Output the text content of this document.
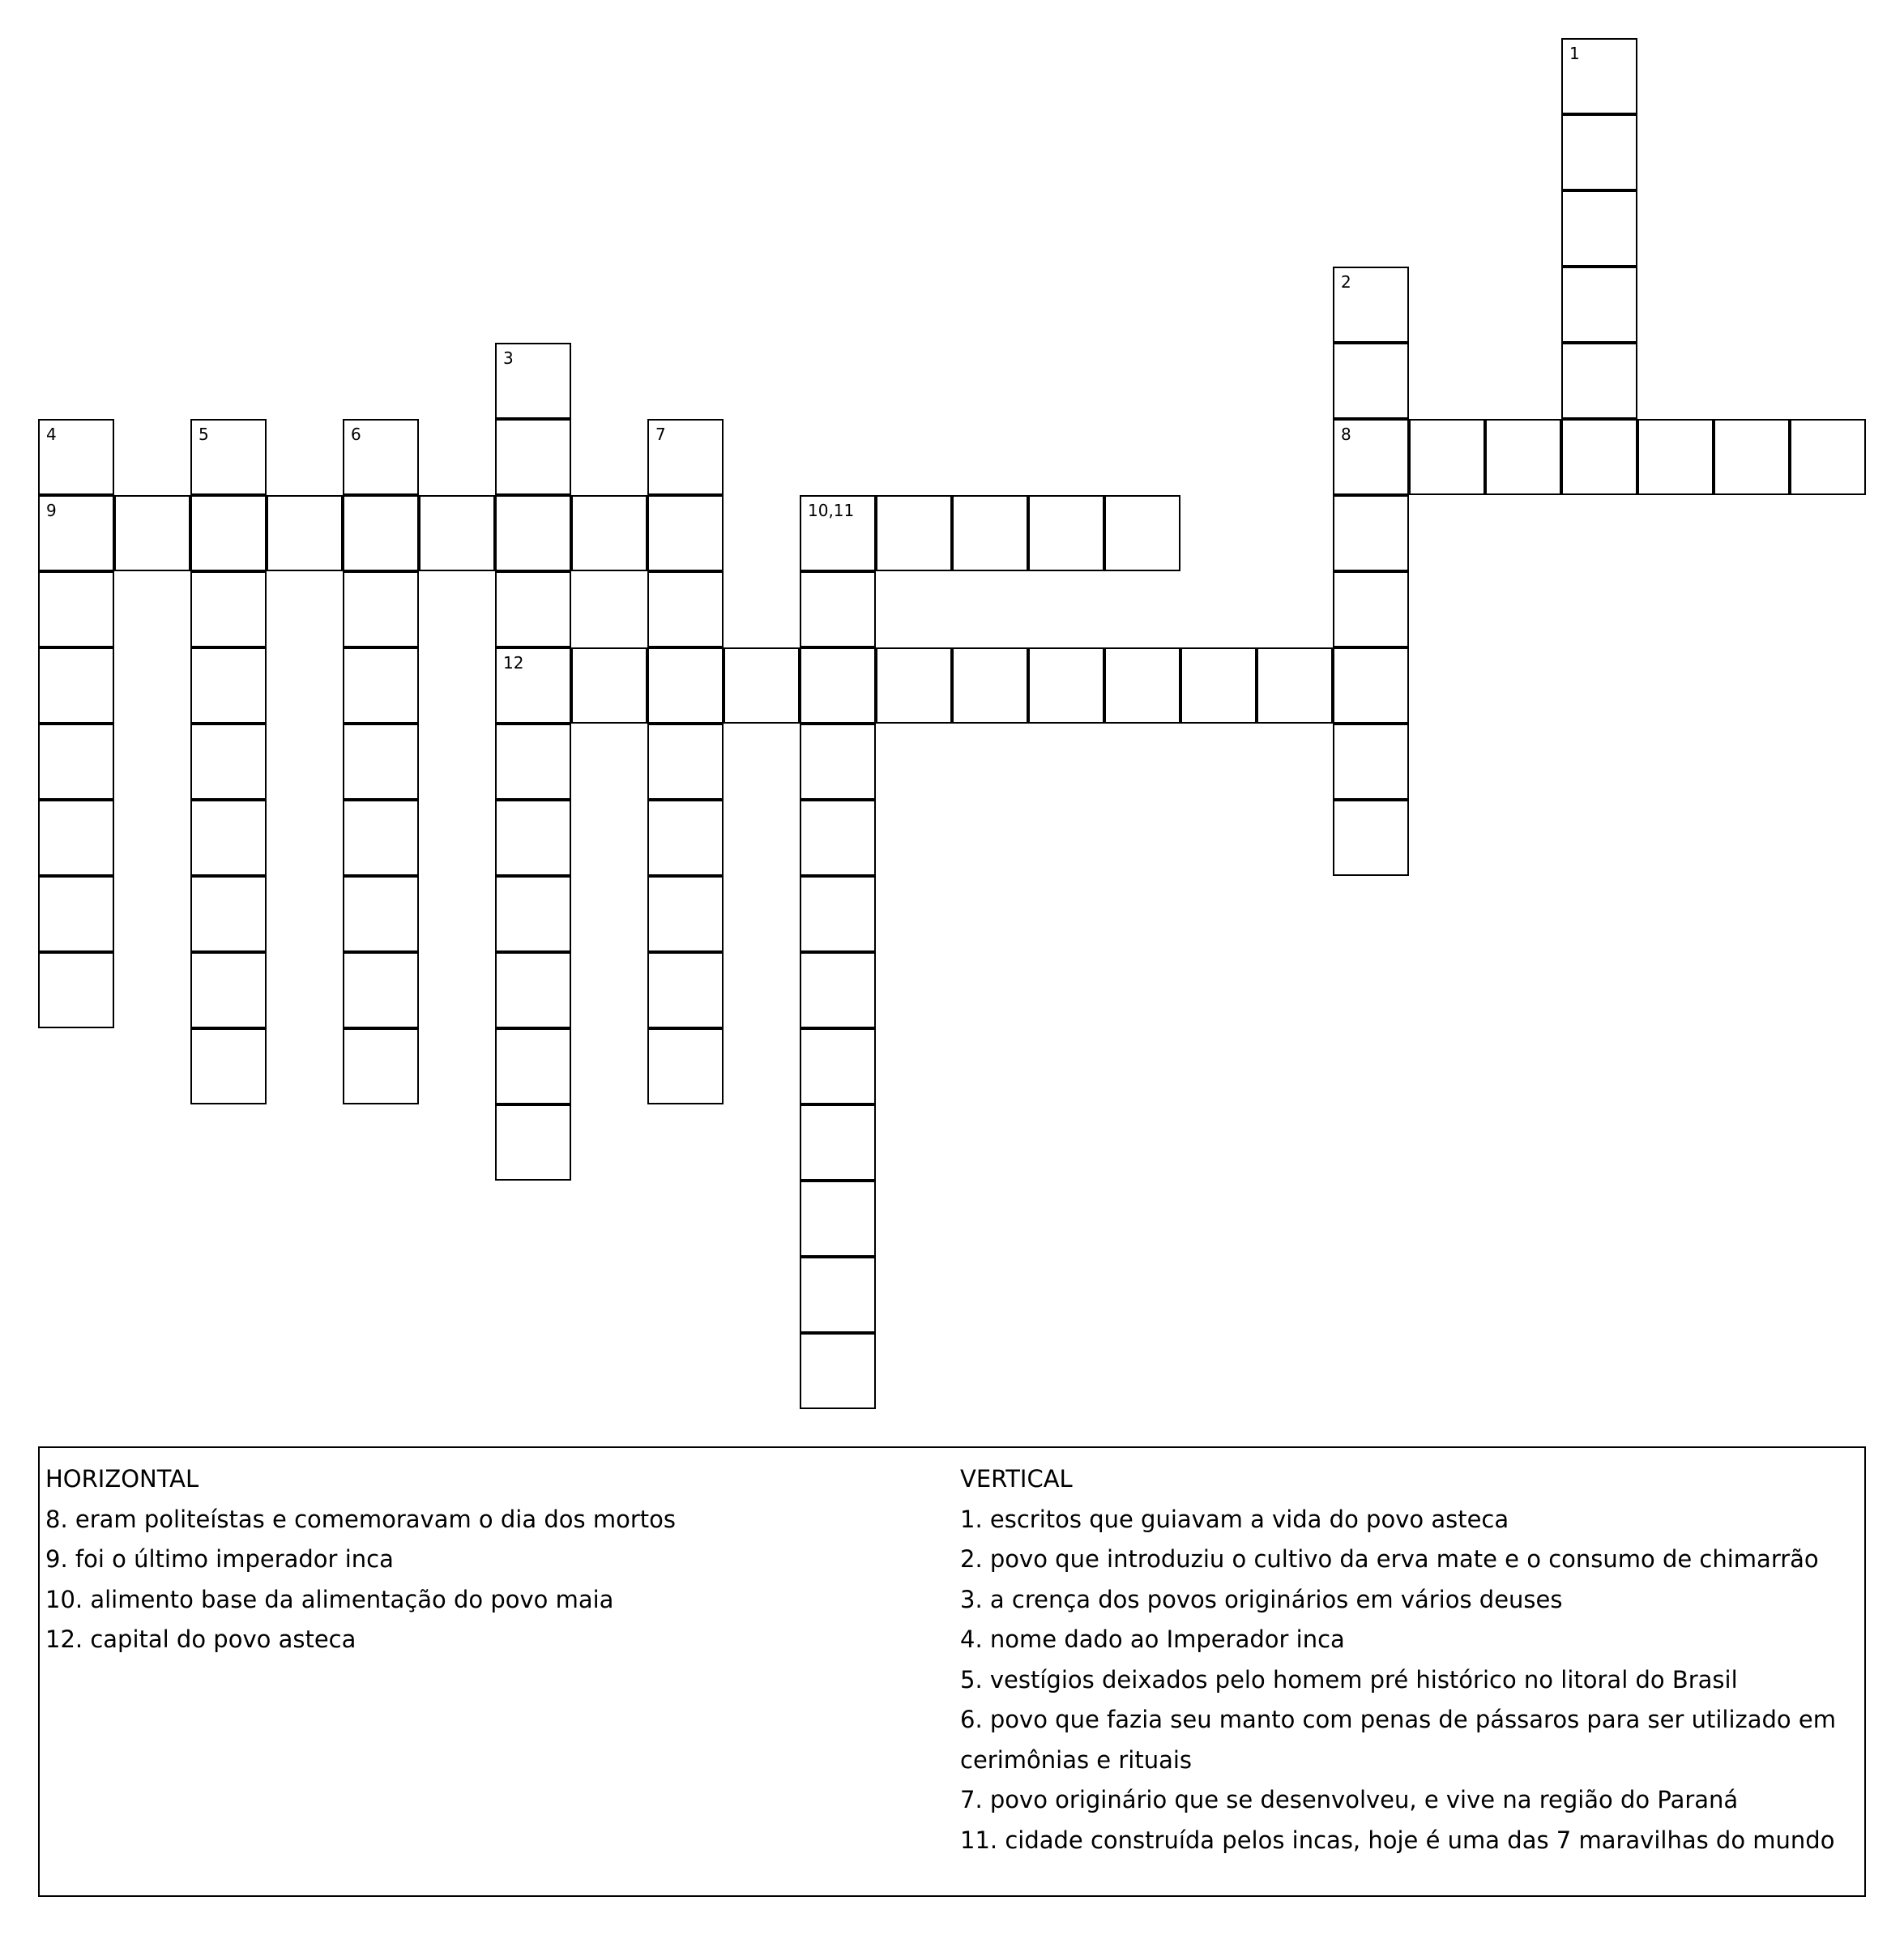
1
2
8
3
12
4
9
5	6	7
10,11
HORIZONTAL
8. eram politeístas e comemoravam o dia dos mortos
9. foi o último imperador inca
10. alimento base da alimentação do povo maia
12. capital do povo asteca
VERTICAL
1. escritos que guiavam a vida do povo asteca
2. povo que introduziu o cultivo da erva mate e o consumo de chimarrão
3. a crença dos povos originários em vários deuses
4. nome dado ao Imperador inca
5. vestígios deixados pelo homem pré histórico no litoral do Brasil
6. povo que fazia seu manto com penas de pássaros para ser utilizado em
cerimônias e rituais
7. povo originário que se desenvolveu, e vive na região do Paraná
11. cidade construída pelos incas, hoje é uma das 7 maravilhas do mundo
